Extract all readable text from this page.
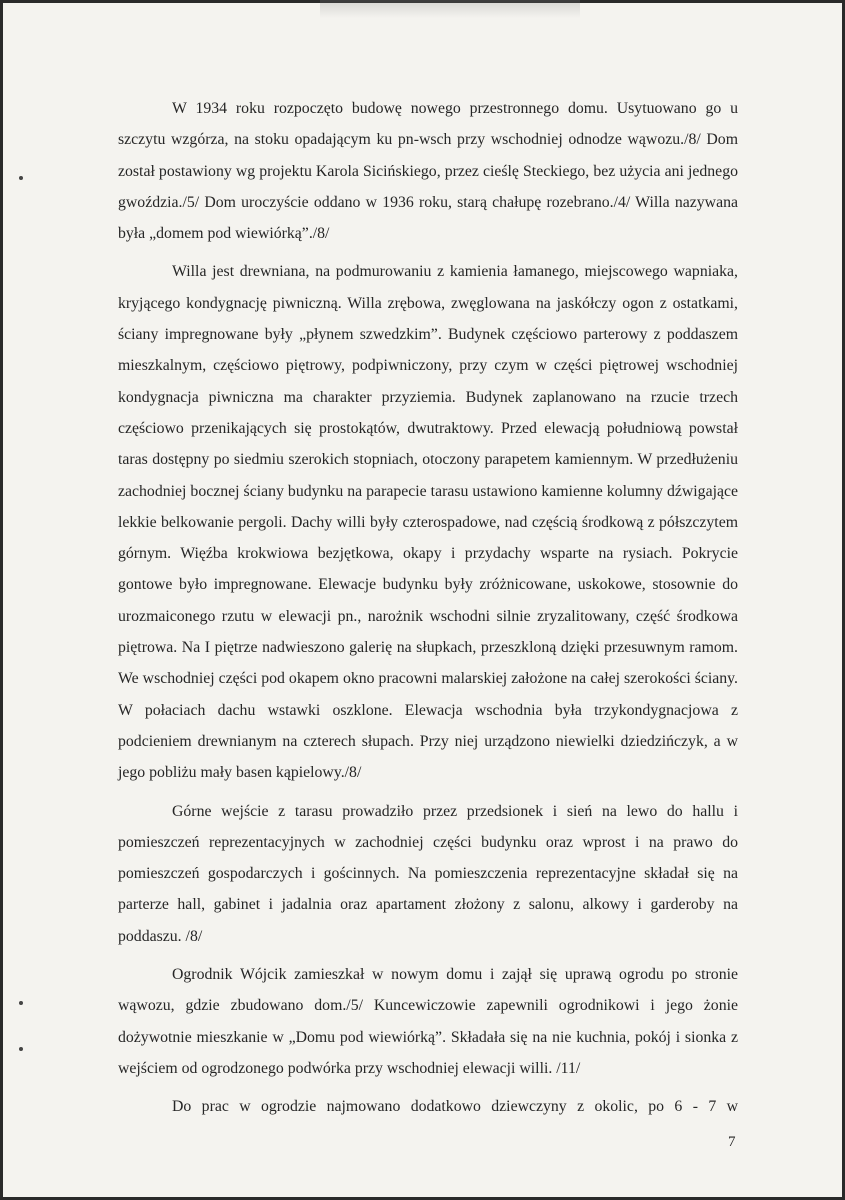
W 1934 roku rozpoczęto budowę nowego przestronnego domu. Usytuowano go u szczytu wzgórza, na stoku opadającym ku pn-wsch przy wschodniej odnodze wąwozu./8/ Dom został postawiony wg projektu Karola Sicińskiego, przez cieślę Steckiego, bez użycia ani jednego gwoździa./5/ Dom uroczyście oddano w 1936 roku, starą chałupę rozebrano./4/ Willa nazywana była „domem pod wiewiórką”./8/

Willa jest drewniana, na podmurowaniu z kamienia łamanego, miejscowego wapniaka, kryjącego kondygnację piwniczną. Willa zrębowa, zwęglowana na jaskółczy ogon z ostatkami, ściany impregnowane były „płynem szwedzkim”. Budynek częściowo parterowy z poddaszem mieszkalnym, częściowo piętrowy, podpiwniczony, przy czym w części piętrowej wschodniej kondygnacja piwniczna ma charakter przyziemia. Budynek zaplanowano na rzucie trzech częściowo przenikających się prostokątów, dwutraktowy. Przed elewacją południową powstał taras dostępny po siedmiu szerokich stopniach, otoczony parapetem kamiennym. W przedłużeniu zachodniej bocznej ściany budynku na parapecie tarasu ustawiono kamienne kolumny dźwigające lekkie belkowanie pergoli. Dachy willi były czterospadowe, nad częścią środkową z półszczytem górnym. Więźba krokwiowa bezjętkowa, okapy i przydachy wsparte na rysiach. Pokrycie gontowe było impregnowane. Elewacje budynku były zróżnicowane, uskokowe, stosownie do urozmaiconego rzutu w elewacji pn., narożnik wschodni silnie zryzalitowany, część środkowa piętrowa. Na I piętrze nadwieszono galerię na słupkach, przeszkloną dzięki przesuwnym ramom. We wschodniej części pod okapem okno pracowni malarskiej założone na całej szerokości ściany. W połaciach dachu wstawki oszklone. Elewacja wschodnia była trzykondygnacjowa z podcieniem drewnianym na czterech słupach. Przy niej urządzono niewielki dziedzińczyk, a w jego pobliżu mały basen kąpielowy./8/

Górne wejście z tarasu prowadziło przez przedsionek i sień na lewo do hallu i pomieszczeń reprezentacyjnych w zachodniej części budynku oraz wprost i na prawo do pomieszczeń gospodarczych i gościnnych. Na pomieszczenia reprezentacyjne składał się na parterze hall, gabinet i jadalnia oraz apartament złożony z salonu, alkowy i garderoby na poddaszu. /8/

Ogrodnik Wójcik zamieszkał w nowym domu i zajął się uprawą ogrodu po stronie wąwozu, gdzie zbudowano dom./5/ Kuncewiczowie zapewnili ogrodnikowi i jego żonie dożywotnie mieszkanie w „Domu pod wiewiórką”. Składała się na nie kuchnia, pokój i sionka z wejściem od ogrodzonego podwórka przy wschodniej elewacji willi. /11/

Do prac w ogrodzie najmowano dodatkowo dziewczyny z okolic, po 6 - 7 w

7
